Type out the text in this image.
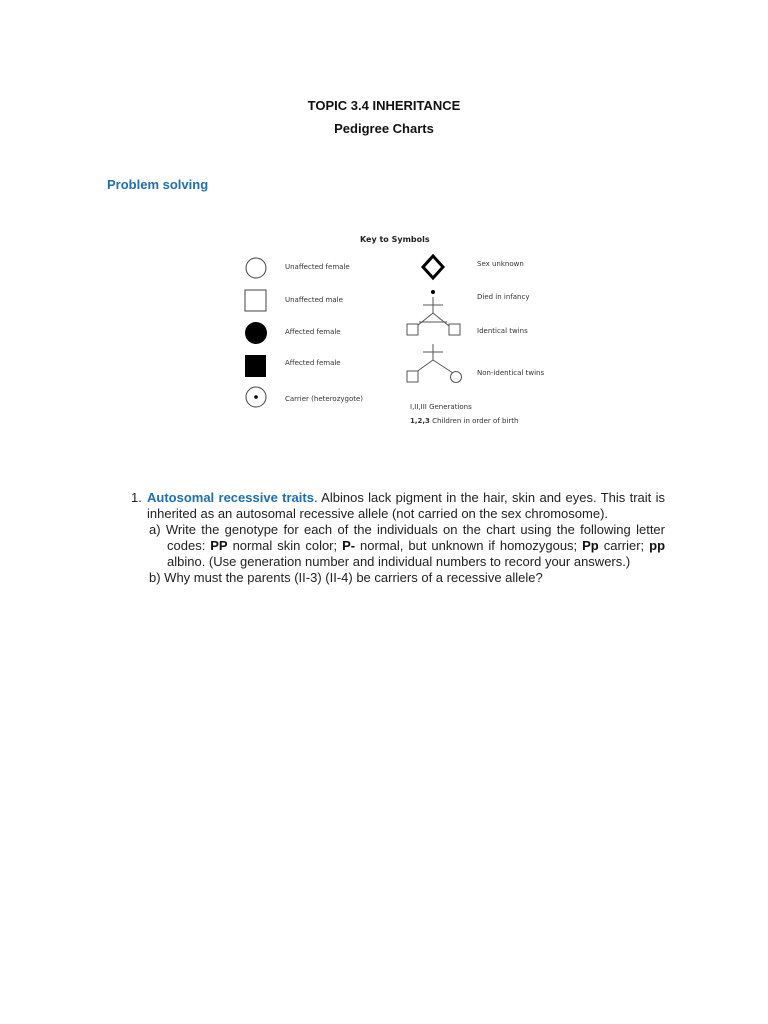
TOPIC 3.4 INHERITANCE
Pedigree Charts
Problem solving
Key to Symbols
Unaffected female
Unaffected male
Affected female
Affected female
Carrier (heterozygote)
Sex unknown
Died in infancy
Identical twins
Non-identical twins
I,II,III Generations
1,2,3 Children in order of birth
1. Autosomal recessive traits. Albinos lack pigment in the hair, skin and eyes. This trait is inherited as an autosomal recessive allele (not carried on the sex chromosome).

a) Write the genotype for each of the individuals on the chart using the following letter codes: PP normal skin color; P- normal, but unknown if homozygous; Pp carrier; pp albino. (Use generation number and individual numbers to record your answers.)

b) Why must the parents (II-3) (II-4) be carriers of a recessive allele?
